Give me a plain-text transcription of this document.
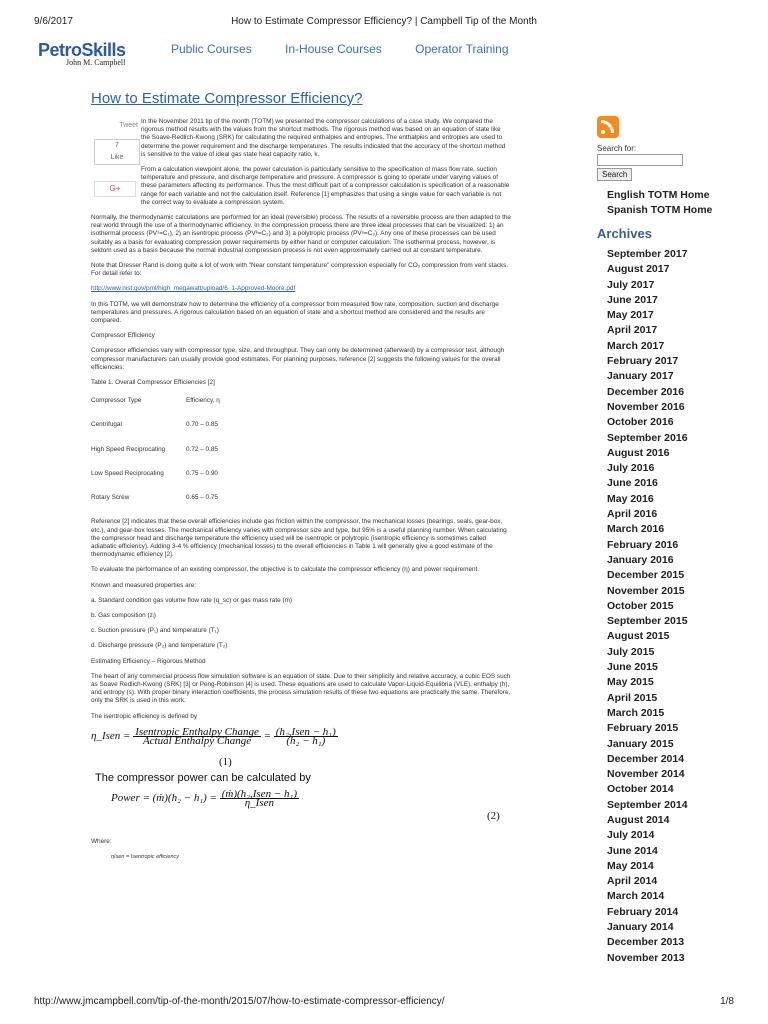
9/6/2017	How to Estimate Compressor Efficiency? | Campbell Tip of the Month
PetroSkills
John M. Campbell
Public Courses	In-House Courses	Operator Training
How to Estimate Compressor Efficiency?
Tweet
7
Like
G+

In the November 2011 tip of the month (TOTM) we presented the compressor calculations of a case study. We compared the rigorous method results with the values from the shortcut methods. The rigorous method was based on an equation of state like the Soave-Redlich-Kwong (SRK) for calculating the required enthalpies and entropies. The enthalpies and entropies are used to determine the power requirement and the discharge temperatures. The results indicated that the accuracy of the shortcut method is sensitive to the value of ideal gas state heat capacity ratio, k.

From a calculation viewpoint alone, the power calculation is particularly sensitive to the specification of mass flow rate, suction temperature and pressure, and discharge temperature and pressure. A compressor is going to operate under varying values of these parameters affecting its performance. Thus the most difficult part of a compressor calculation is specification of a reasonable range for each variable and not the calculation itself. Reference [1] emphasizes that using a single value for each variable is not the correct way to evaluate a compression system.

Normally, the thermodynamic calculations are performed for an ideal (reversible) process. The results of a reversible process are then adapted to the real world through the use of a thermodynamic efficiency. In the compression process there are three ideal processes that can be visualized: 1) an isothermal process (PV¹=C₁), 2) an isentropic process (PVᵏ=C₂) and 3) a polytropic process (PVⁿ=C₃). Any one of these processes can be used suitably as a basis for evaluating compression power requirements by either hand or computer calculation. The isothermal process, however, is seldom used as a basis because the normal industrial compression process is not even approximately carried out at constant temperature.

Note that Dresser Rand is doing quite a lot of work with "Near constant temperature" compression especially for CO₂ compression from vent stacks. For detail refer to:

http://www.nist.gov/pml/high_megawatt/upload/6_1-Approved-Moore.pdf

In this TOTM, we will demonstrate how to determine the efficiency of a compressor from measured flow rate, composition, suction and discharge temperatures and pressures. A rigorous calculation based on an equation of state and a shortcut method are considered and the results are compared.

Compressor Efficiency

Compressor efficiencies vary with compressor type, size, and throughput. They can only be determined (afterward) by a compressor test, although compressor manufacturers can usually provide good estimates. For planning purposes, reference [2] suggests the following values for the overall efficiencies:

Table 1. Overall Compressor Efficiencies [2]

Compressor Type	Efficiency, η
Centrifugal	0.70 – 0.85
High Speed Reciprocating	0.72 – 0.85
Low Speed Reciprocating	0.75 – 0.90
Rotary Screw	0.65 – 0.75

Reference [2] indicates that these overall efficiencies include gas friction within the compressor, the mechanical losses (bearings, seals, gear-box, etc.), and gear-box losses. The mechanical efficiency varies with compressor size and type, but 95% is a useful planning number. When calculating the compressor head and discharge temperature the efficiency used will be isentropic or polytropic (isentropic efficiency is sometimes called adiabatic efficiency). Adding 3-4 % efficiency (mechanical losses) to the overall efficiencies in Table 1 will generally give a good estimate of the thermodynamic efficiency [2].

To evaluate the performance of an existing compressor, the objective is to calculate the compressor efficiency (η) and power requirement.

Known and measured properties are:

a. Standard condition gas volume flow rate (q_sc) or gas mass rate (ṁ)

b. Gas composition (zᵢ)

c. Suction pressure (P₁) and temperature (T₁)

d. Discharge pressure (P₂) and temperature (T₂)

Estimating Efficiency – Rigorous Method

The heart of any commercial process flow simulation software is an equation of state. Due to their simplicity and relative accuracy, a cubic EOS such as Soave Redlich-Kwong (SRK) [3] or Peng-Robinson [4] is used. These equations are used to calculate Vapor-Liquid-Equilibria (VLE), enthalpy (h), and entropy (s). With proper binary interaction coefficients, the process simulation results of these two equations are practically the same. Therefore, only the SRK is used in this work.

The isentropic efficiency is defined by

η_Isen = $\frac{\text{Isentropic Enthalpy Change}}{\text{Actual Enthalpy Change}} = \frac{\text{(h₂,Isen − h₁)}}{\text{(h₂ − h₁)}}$
(1)
The compressor power can be calculated by
Power = (ṁ)(h₂ − $h_1) = \frac{\text{(ṁ)(h₂,Isen − h₁)}}{\text{η\_Isen}}$
(2)

Where:

ηIsen = Isentropic efficiency

Search for:
Search
English TOTM Home
Spanish TOTM Home
Archives
September 2017
August 2017
July 2017
June 2017
May 2017
April 2017
March 2017
February 2017
January 2017
December 2016
November 2016
October 2016
September 2016
August 2016
July 2016
June 2016
May 2016
April 2016
March 2016
February 2016
January 2016
December 2015
November 2015
October 2015
September 2015
August 2015
July 2015
June 2015
May 2015
April 2015
March 2015
February 2015
January 2015
December 2014
November 2014
October 2014
September 2014
August 2014
July 2014
June 2014
May 2014
April 2014
March 2014
February 2014
January 2014
December 2013
November 2013
http://www.jmcampbell.com/tip-of-the-month/2015/07/how-to-estimate-compressor-efficiency/	1/8
